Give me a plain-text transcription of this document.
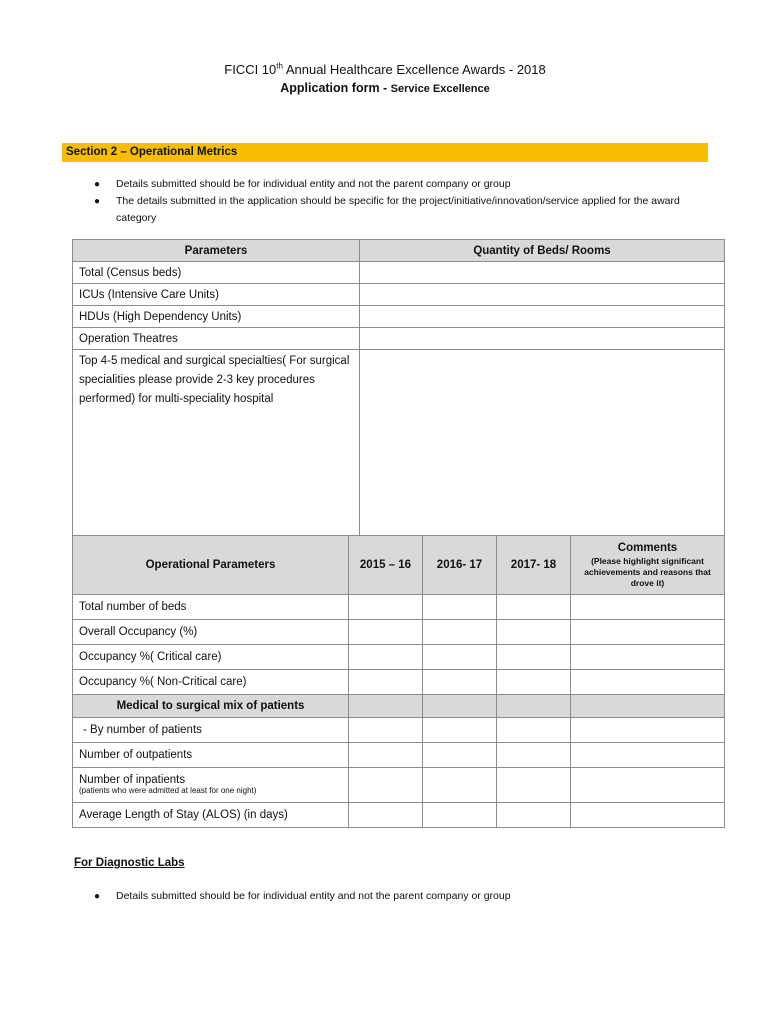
FICCI 10th Annual Healthcare Excellence Awards - 2018
Application form - Service Excellence
Section 2 – Operational Metrics
● Details submitted should be for individual entity and not the parent company or group
● The details submitted in the application should be specific for the project/initiative/innovation/service applied for the award category
Parameters	Quantity of Beds/ Rooms
Total (Census beds)	
ICUs (Intensive Care Units)	
HDUs (High Dependency Units)	
Operation Theatres	
Top 4-5 medical and surgical specialties( For surgical specialities please provide 2-3 key procedures performed) for multi-speciality hospital	
Operational Parameters	2015 – 16	2016- 17	2017- 18	Comments
(Please highlight significant achievements and reasons that drove it)

Total number of beds				
Overall Occupancy (%)				
Occupancy %( Critical care)				
Occupancy %( Non-Critical care)				
Medical to surgical mix of patients				
- By number of patients				
Number of outpatients				
Number of inpatients
(patients who were admitted at least for one night)				

Average Length of Stay (ALOS) (in days)				
For Diagnostic Labs
● Details submitted should be for individual entity and not the parent company or group
